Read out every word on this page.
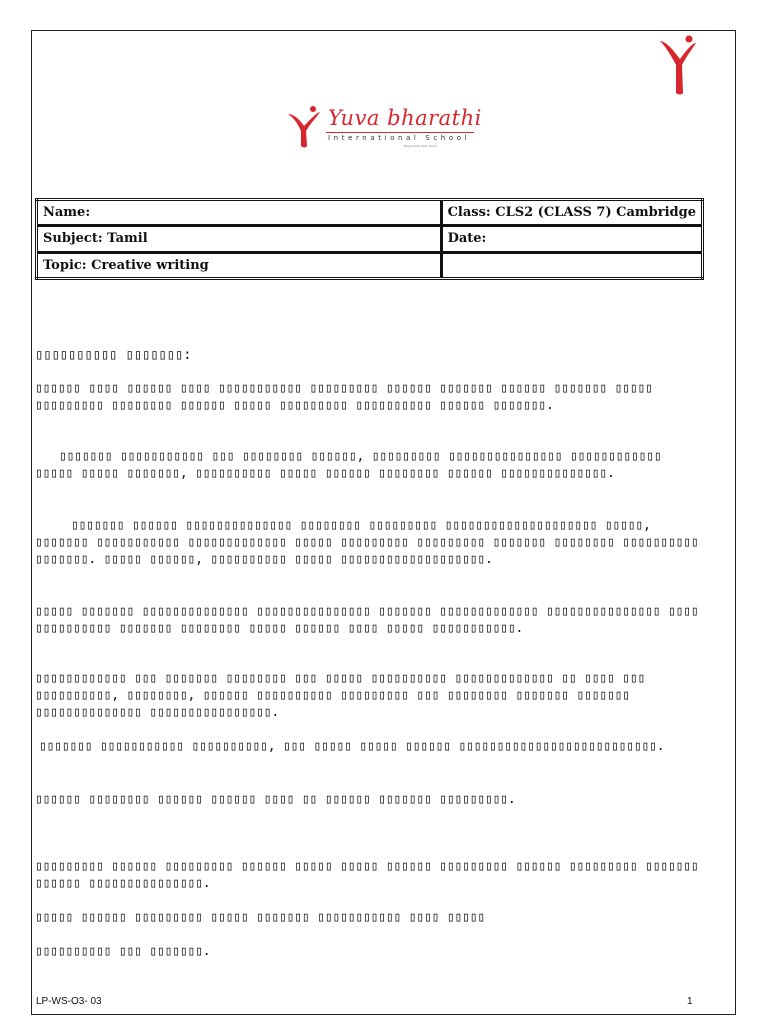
Yuva bharathi
International School
Nagamalai Main Road
Name:	Class: CLS2 (CLASS 7) Cambridge
Subject: Tamil	Date:
Topic: Creative writing	
▯▯▯▯▯▯▯▯▯▯ ▯▯▯▯▯▯▯:
▯▯▯▯▯▯ ▯▯▯▯ ▯▯▯▯▯▯ ▯▯▯▯ ▯▯▯▯▯▯▯▯▯▯▯ ▯▯▯▯▯▯▯▯▯ ▯▯▯▯▯▯ ▯▯▯▯▯▯▯ ▯▯▯▯▯▯ ▯▯▯▯▯▯▯ ▯▯▯▯▯ ▯▯▯▯▯▯▯▯▯ ▯▯▯▯▯▯▯▯ ▯▯▯▯▯▯ ▯▯▯▯▯ ▯▯▯▯▯▯▯▯▯ ▯▯▯▯▯▯▯▯▯▯ ▯▯▯▯▯▯ ▯▯▯▯▯▯▯.
▯▯▯▯▯▯▯ ▯▯▯▯▯▯▯▯▯▯▯ ▯▯▯ ▯▯▯▯▯▯▯▯ ▯▯▯▯▯▯, ▯▯▯▯▯▯▯▯▯ ▯▯▯▯▯▯▯▯▯▯▯▯▯▯▯ ▯▯▯▯▯▯▯▯▯▯▯▯ ▯▯▯▯▯ ▯▯▯▯▯ ▯▯▯▯▯▯▯, ▯▯▯▯▯▯▯▯▯▯ ▯▯▯▯▯ ▯▯▯▯▯▯ ▯▯▯▯▯▯▯▯ ▯▯▯▯▯▯ ▯▯▯▯▯▯▯▯▯▯▯▯▯▯.
▯▯▯▯▯▯▯ ▯▯▯▯▯▯ ▯▯▯▯▯▯▯▯▯▯▯▯▯▯ ▯▯▯▯▯▯▯▯ ▯▯▯▯▯▯▯▯▯ ▯▯▯▯▯▯▯▯▯▯▯▯▯▯▯▯▯▯▯▯ ▯▯▯▯▯, ▯▯▯▯▯▯▯ ▯▯▯▯▯▯▯▯▯▯▯ ▯▯▯▯▯▯▯▯▯▯▯▯▯ ▯▯▯▯▯ ▯▯▯▯▯▯▯▯▯ ▯▯▯▯▯▯▯▯▯ ▯▯▯▯▯▯▯ ▯▯▯▯▯▯▯▯ ▯▯▯▯▯▯▯▯▯▯ ▯▯▯▯▯▯▯. ▯▯▯▯▯ ▯▯▯▯▯▯, ▯▯▯▯▯▯▯▯▯▯ ▯▯▯▯▯ ▯▯▯▯▯▯▯▯▯▯▯▯▯▯▯▯▯▯▯.
▯▯▯▯▯ ▯▯▯▯▯▯▯ ▯▯▯▯▯▯▯▯▯▯▯▯▯▯ ▯▯▯▯▯▯▯▯▯▯▯▯▯▯▯ ▯▯▯▯▯▯▯ ▯▯▯▯▯▯▯▯▯▯▯▯▯ ▯▯▯▯▯▯▯▯▯▯▯▯▯▯▯ ▯▯▯▯ ▯▯▯▯▯▯▯▯▯▯ ▯▯▯▯▯▯▯ ▯▯▯▯▯▯▯▯ ▯▯▯▯▯ ▯▯▯▯▯▯ ▯▯▯▯ ▯▯▯▯▯ ▯▯▯▯▯▯▯▯▯▯▯.
▯▯▯▯▯▯▯▯▯▯▯▯ ▯▯▯ ▯▯▯▯▯▯▯ ▯▯▯▯▯▯▯▯ ▯▯▯ ▯▯▯▯▯ ▯▯▯▯▯▯▯▯▯▯ ▯▯▯▯▯▯▯▯▯▯▯▯▯ ▯▯ ▯▯▯▯ ▯▯▯ ▯▯▯▯▯▯▯▯▯▯, ▯▯▯▯▯▯▯▯, ▯▯▯▯▯▯ ▯▯▯▯▯▯▯▯▯▯ ▯▯▯▯▯▯▯▯▯ ▯▯▯ ▯▯▯▯▯▯▯▯ ▯▯▯▯▯▯▯ ▯▯▯▯▯▯▯ ▯▯▯▯▯▯▯▯▯▯▯▯▯▯ ▯▯▯▯▯▯▯▯▯▯▯▯▯▯▯▯.
▯▯▯▯▯▯▯ ▯▯▯▯▯▯▯▯▯▯▯ ▯▯▯▯▯▯▯▯▯▯, ▯▯▯ ▯▯▯▯▯ ▯▯▯▯▯ ▯▯▯▯▯▯ ▯▯▯▯▯▯▯▯▯▯▯▯▯▯▯▯▯▯▯▯▯▯▯▯▯▯.
▯▯▯▯▯▯ ▯▯▯▯▯▯▯▯ ▯▯▯▯▯▯ ▯▯▯▯▯▯ ▯▯▯▯ ▯▯ ▯▯▯▯▯▯ ▯▯▯▯▯▯▯ ▯▯▯▯▯▯▯▯▯.
▯▯▯▯▯▯▯▯▯ ▯▯▯▯▯▯ ▯▯▯▯▯▯▯▯▯ ▯▯▯▯▯▯ ▯▯▯▯▯ ▯▯▯▯▯ ▯▯▯▯▯▯ ▯▯▯▯▯▯▯▯▯ ▯▯▯▯▯▯ ▯▯▯▯▯▯▯▯▯ ▯▯▯▯▯▯▯ ▯▯▯▯▯▯ ▯▯▯▯▯▯▯▯▯▯▯▯▯▯▯.
▯▯▯▯▯ ▯▯▯▯▯▯ ▯▯▯▯▯▯▯▯▯ ▯▯▯▯▯ ▯▯▯▯▯▯▯ ▯▯▯▯▯▯▯▯▯▯▯ ▯▯▯▯ ▯▯▯▯▯
▯▯▯▯▯▯▯▯▯▯ ▯▯▯ ▯▯▯▯▯▯▯.
LP-WS-O3- 03	1
